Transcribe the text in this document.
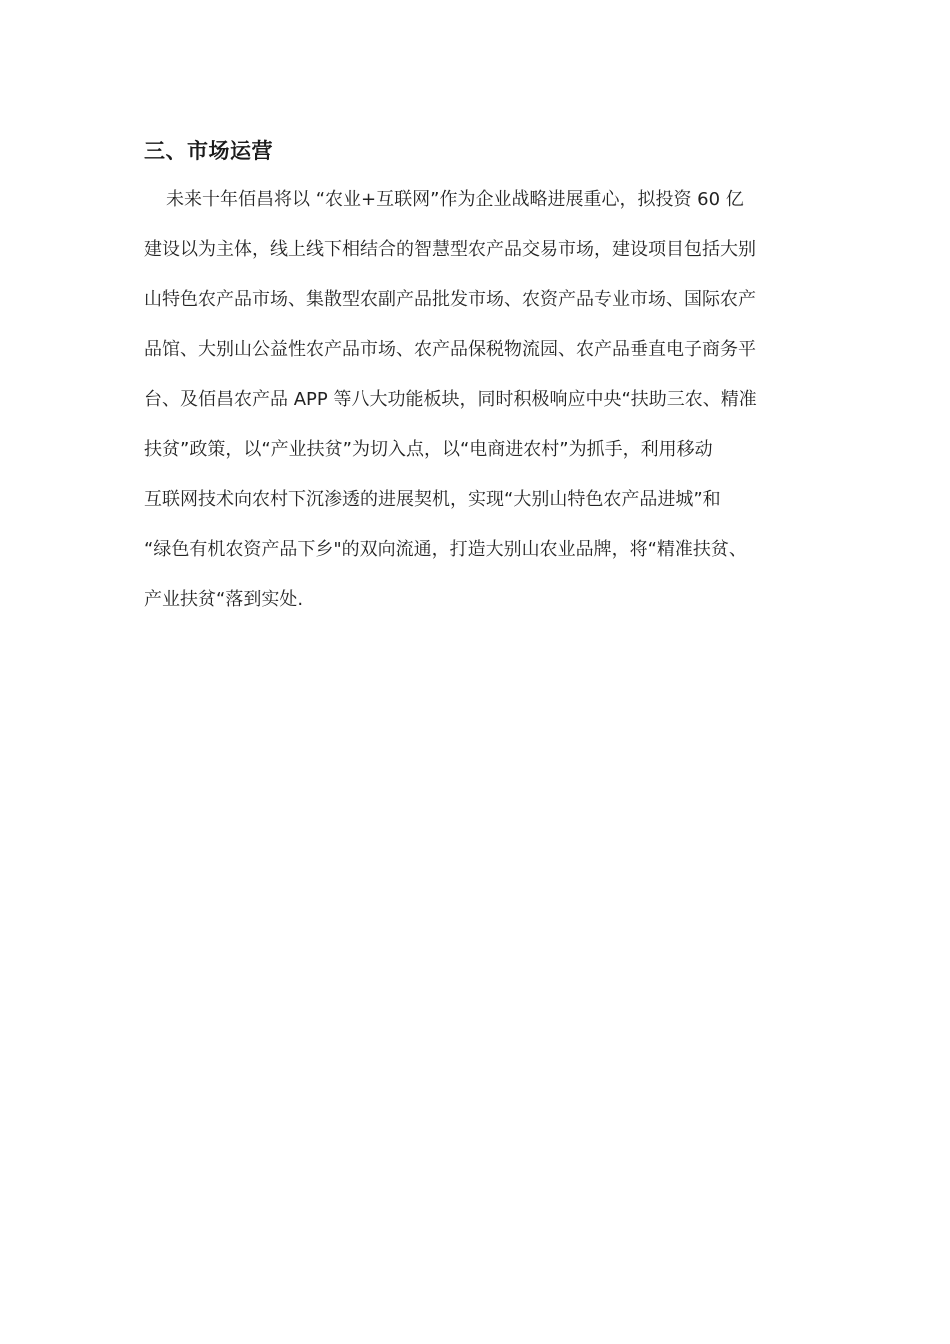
三、市场运营
未来十年佰昌将以 “农业+互联网”作为企业战略进展重心，拟投资 60 亿
建设以为主体，线上线下相结合的智慧型农产品交易市场，建设项目包括大别
山特色农产品市场、集散型农副产品批发市场、农资产品专业市场、国际农产
品馆、大别山公益性农产品市场、农产品保税物流园、农产品垂直电子商务平
台、及佰昌农产品 APP 等八大功能板块，同时积极响应中央“扶助三农、精准
扶贫”政策，以“产业扶贫”为切入点，以“电商进农村”为抓手，利用移动
互联网技术向农村下沉渗透的进展契机，实现“大别山特色农产品进城”和
“绿色有机农资产品下乡"的双向流通，打造大别山农业品牌，将“精准扶贫、
产业扶贫“落到实处.
